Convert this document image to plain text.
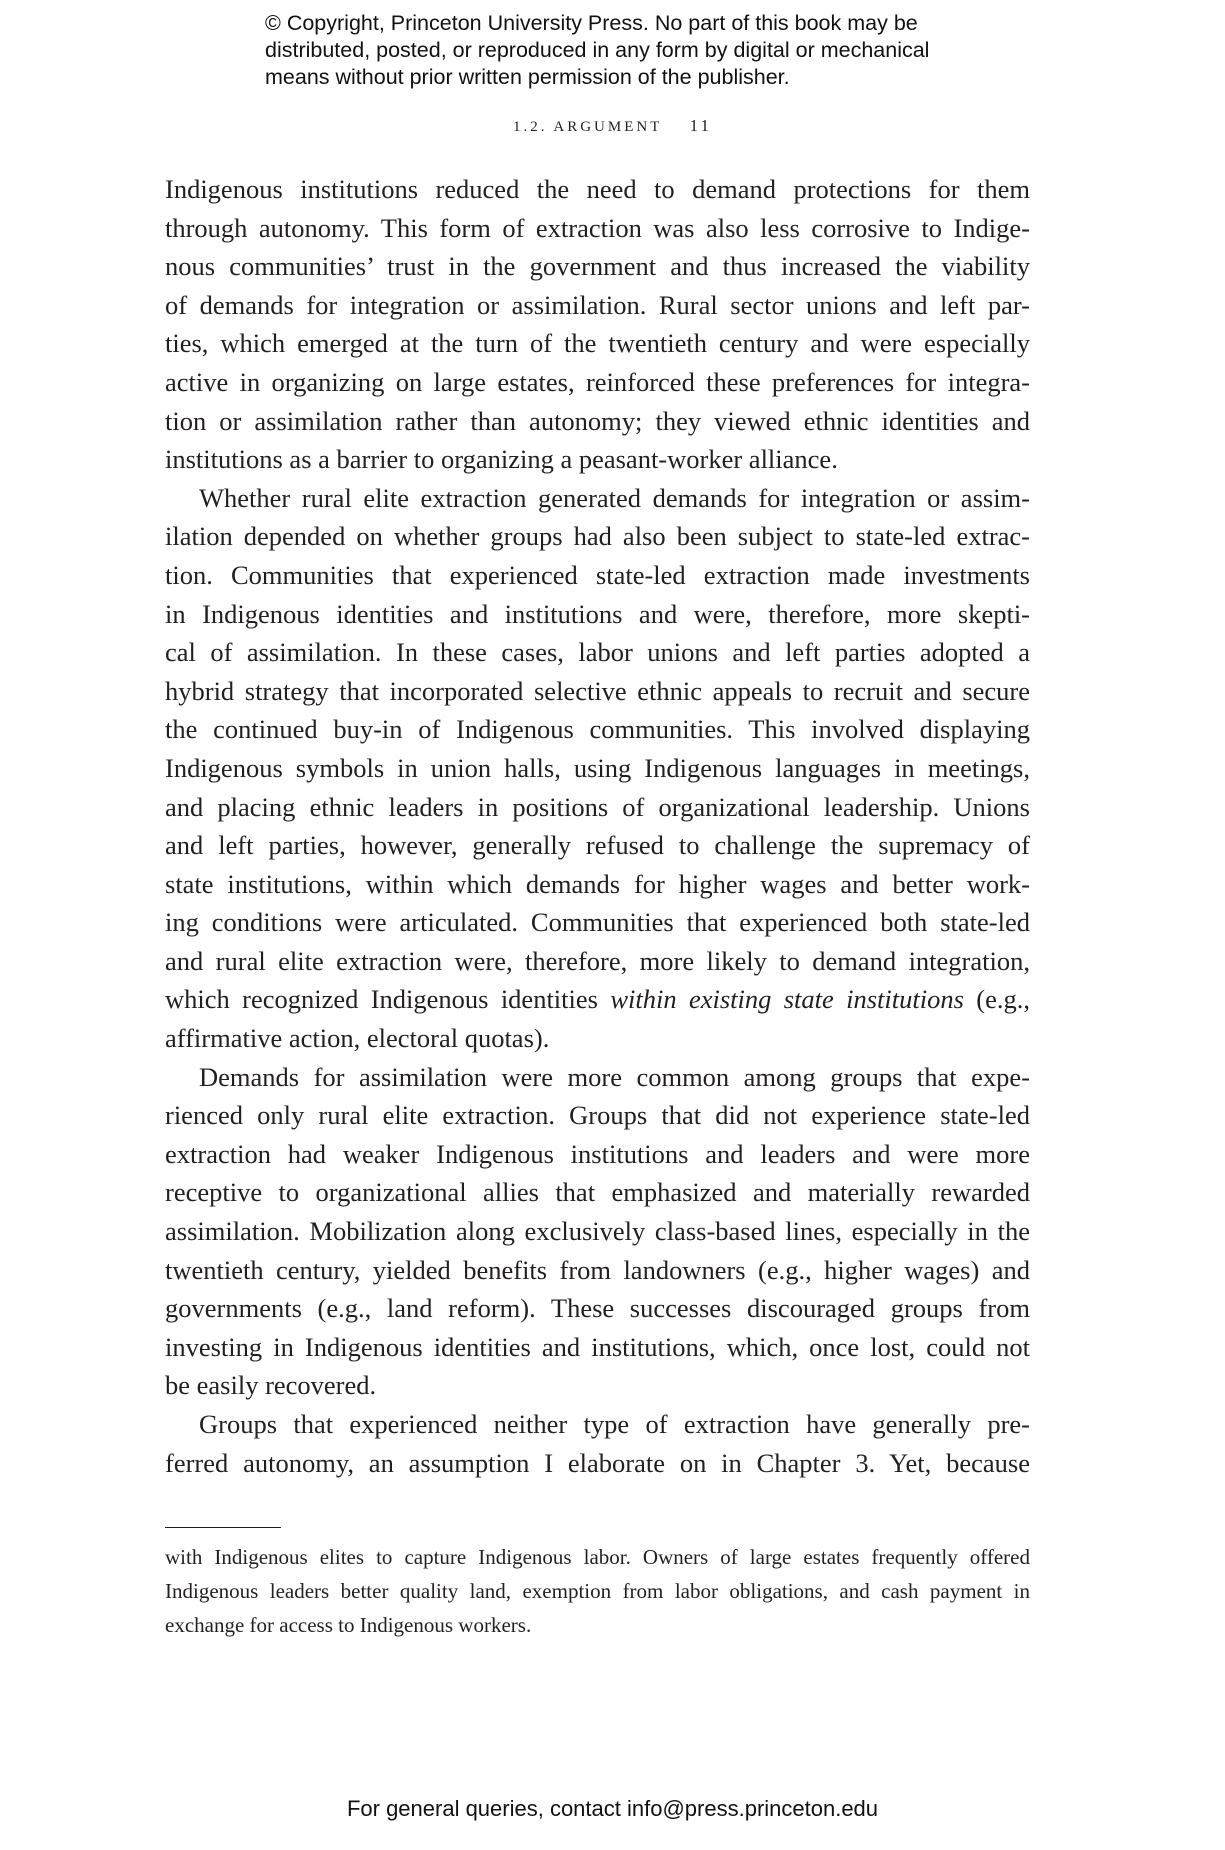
© Copyright, Princeton University Press. No part of this book may be
distributed, posted, or reproduced in any form by digital or mechanical
means without prior written permission of the publisher.
1.2. ARGUMENT 11
Indigenous institutions reduced the need to demand protections for them
through autonomy. This form of extraction was also less corrosive to Indige-
nous communities’ trust in the government and thus increased the viability
of demands for integration or assimilation. Rural sector unions and left par-
ties, which emerged at the turn of the twentieth century and were especially
active in organizing on large estates, reinforced these preferences for integra-
tion or assimilation rather than autonomy; they viewed ethnic identities and
institutions as a barrier to organizing a peasant-worker alliance.
Whether rural elite extraction generated demands for integration or assim-
ilation depended on whether groups had also been subject to state-led extrac-
tion. Communities that experienced state-led extraction made investments
in Indigenous identities and institutions and were, therefore, more skepti-
cal of assimilation. In these cases, labor unions and left parties adopted a
hybrid strategy that incorporated selective ethnic appeals to recruit and secure
the continued buy-in of Indigenous communities. This involved displaying
Indigenous symbols in union halls, using Indigenous languages in meetings,
and placing ethnic leaders in positions of organizational leadership. Unions
and left parties, however, generally refused to challenge the supremacy of
state institutions, within which demands for higher wages and better work-
ing conditions were articulated. Communities that experienced both state-led
and rural elite extraction were, therefore, more likely to demand integration,
which recognized Indigenous identities within existing state institutions (e.g.,
affirmative action, electoral quotas).
Demands for assimilation were more common among groups that expe-
rienced only rural elite extraction. Groups that did not experience state-led
extraction had weaker Indigenous institutions and leaders and were more
receptive to organizational allies that emphasized and materially rewarded
assimilation. Mobilization along exclusively class-based lines, especially in the
twentieth century, yielded benefits from landowners (e.g., higher wages) and
governments (e.g., land reform). These successes discouraged groups from
investing in Indigenous identities and institutions, which, once lost, could not
be easily recovered.
Groups that experienced neither type of extraction have generally pre-
ferred autonomy, an assumption I elaborate on in Chapter 3. Yet, because
with Indigenous elites to capture Indigenous labor. Owners of large estates frequently offered
Indigenous leaders better quality land, exemption from labor obligations, and cash payment in
exchange for access to Indigenous workers.
For general queries, contact info@press.princeton.edu
